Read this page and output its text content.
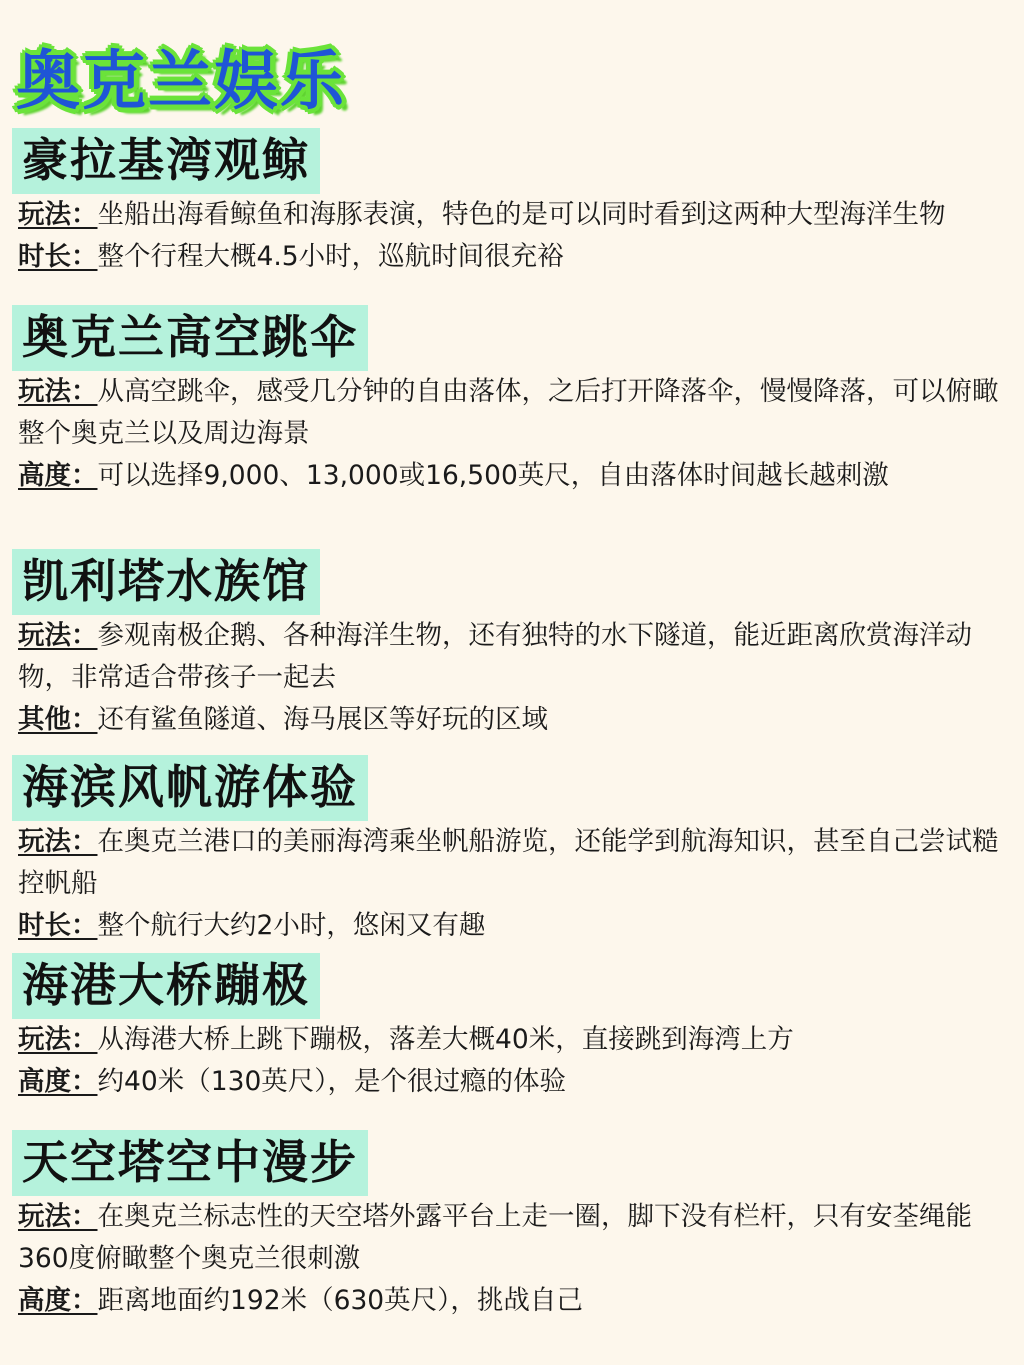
奥克兰娱乐
豪拉基湾观鲸

玩法：坐船出海看鲸鱼和海豚表演，特色的是可以同时看到这两种大型海洋生物

时长：整个行程大概4.5小时，巡航时间很充裕

奥克兰高空跳伞

玩法：从高空跳伞，感受几分钟的自由落体，之后打开降落伞，慢慢降落，可以俯瞰整个奥克兰以及周边海景

高度：可以选择9,000、13,000或16,500英尺，自由落体时间越长越刺激

凯利塔水族馆

玩法：参观南极企鹅、各种海洋生物，还有独特的水下隧道，能近距离欣赏海洋动物，非常适合带孩子一起去

其他：还有鲨鱼隧道、海马展区等好玩的区域

海滨风帆游体验

玩法：在奥克兰港口的美丽海湾乘坐帆船游览，还能学到航海知识，甚至自己尝试糙控帆船

时长：整个航行大约2小时，悠闲又有趣

海港大桥蹦极

玩法：从海港大桥上跳下蹦极，落差大概40米，直接跳到海湾上方

高度：约40米（130英尺），是个很过瘾的体验

天空塔空中漫步

玩法：在奥克兰标志性的天空塔外露平台上走一圈，脚下没有栏杆，只有安荃绳能360度俯瞰整个奥克兰很刺激

高度：距离地面约192米（630英尺），挑战自己
